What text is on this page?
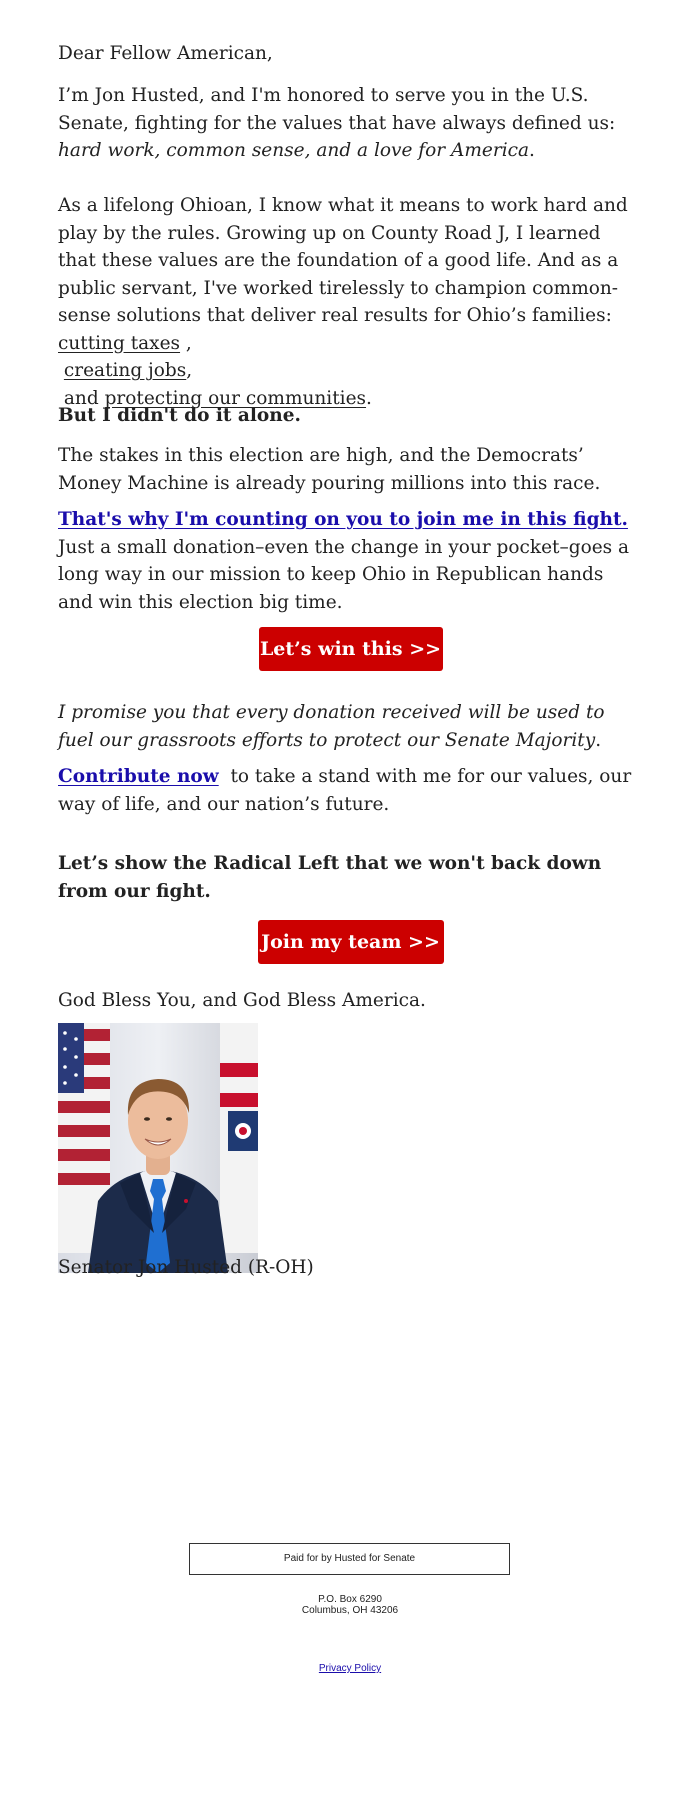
Dear Fellow American,

I’m Jon Husted, and I'm honored to serve you in the U.S. Senate, fighting for the values that have always defined us: hard work, common sense, and a love for America.

As a lifelong Ohioan, I know what it means to work hard and play by the rules. Growing up on County Road J, I learned that these values are the foundation of a good life. And as a public servant, I've worked tirelessly to champion common-sense solutions that deliver real results for Ohio’s families: cutting taxes ,
creating jobs,
and protecting our communities.

But I didn't do it alone.

The stakes in this election are high, and the Democrats’ Money Machine is already pouring millions into this race.

That's why I'm counting on you to join me in this fight.
Just a small donation–even the change in your pocket–goes a long way in our mission to keep Ohio in Republican hands and win this election big time.

Let’s win this >>

I promise you that every donation received will be used to fuel our grassroots efforts to protect our Senate Majority.

Contribute now  to take a stand with me for our values, our way of life, and our nation’s future.

Let’s show the Radical Left that we won't back down from our fight.

Join my team >>

God Bless You, and God Bless America.

Senator Jon Husted (R-OH)

Paid for by Husted for Senate
P.O. Box 6290
Columbus, OH 43206
Privacy Policy
